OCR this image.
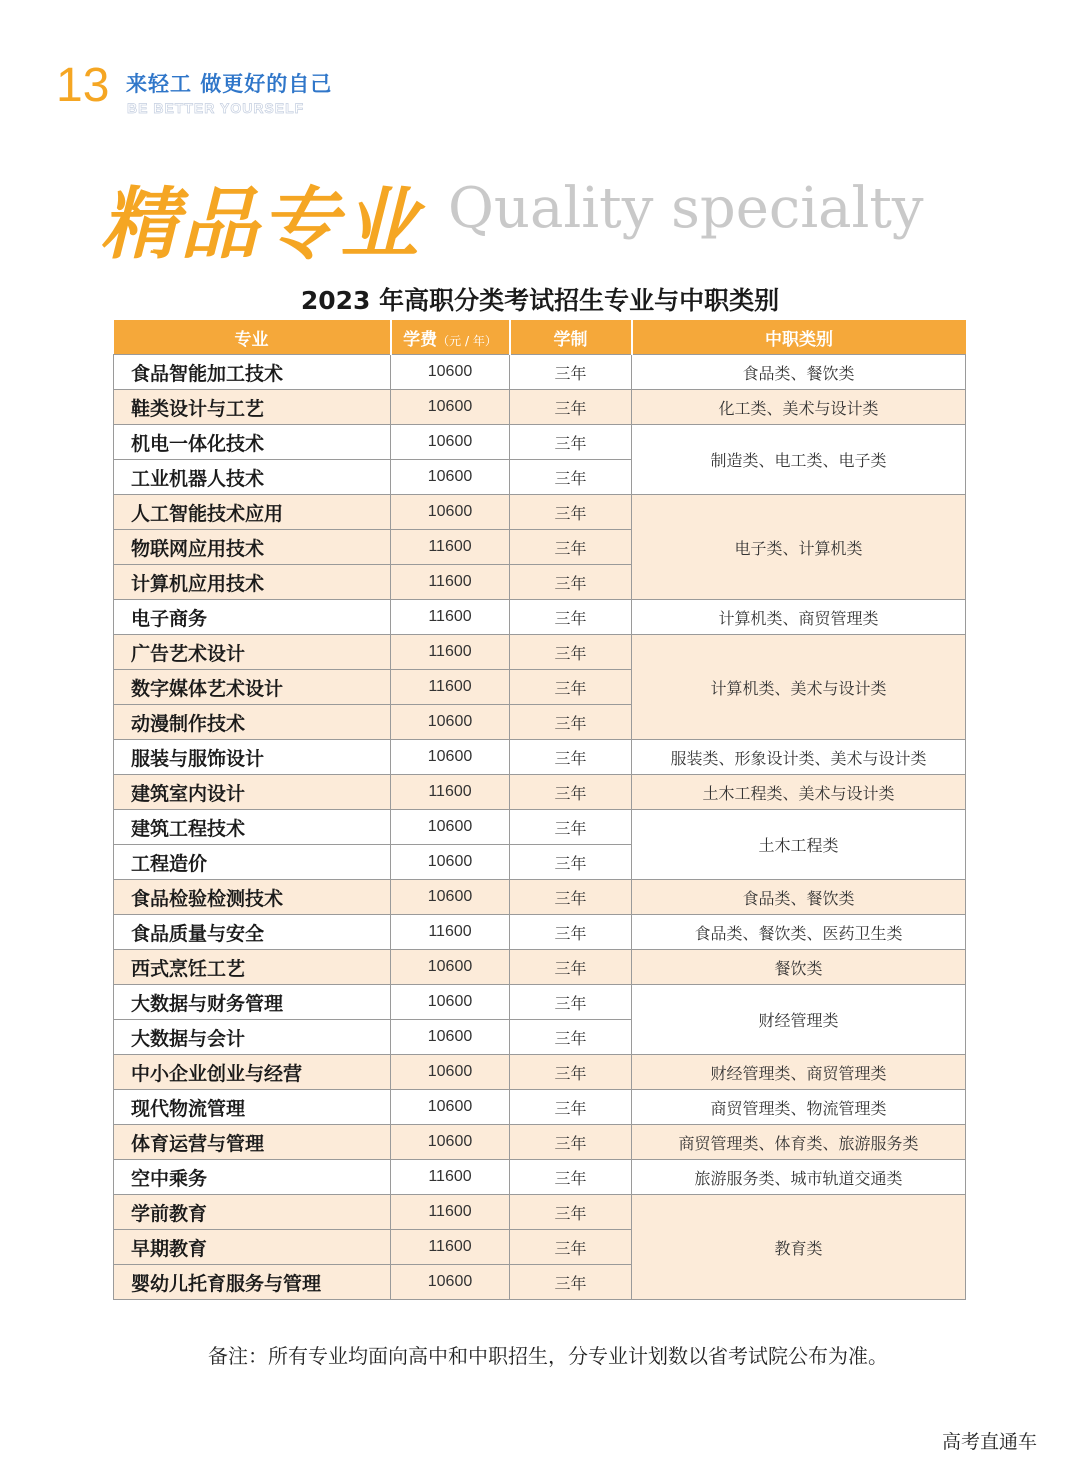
13 来轻工 做更好的自己
BE BETTER YOURSELF
精品专业 Quality specialty
2023 年高职分类考试招生专业与中职类别
专业	学费（元 / 年）	学制	中职类别
食品智能加工技术	10600	三年	食品类、餐饮类
鞋类设计与工艺	10600	三年	化工类、美术与设计类
机电一体化技术	10600	三年	制造类、电工类、电子类
工业机器人技术	10600	三年	
人工智能技术应用	10600	三年	电子类、计算机类
物联网应用技术	11600	三年	
计算机应用技术	11600	三年	
电子商务	11600	三年	计算机类、商贸管理类
广告艺术设计	11600	三年	计算机类、美术与设计类
数字媒体艺术设计	11600	三年	
动漫制作技术	10600	三年	
服装与服饰设计	10600	三年	服装类、形象设计类、美术与设计类
建筑室内设计	11600	三年	土木工程类、美术与设计类
建筑工程技术	10600	三年	土木工程类
工程造价	10600	三年	
食品检验检测技术	10600	三年	食品类、餐饮类
食品质量与安全	11600	三年	食品类、餐饮类、医药卫生类
西式烹饪工艺	10600	三年	餐饮类
大数据与财务管理	10600	三年	财经管理类
大数据与会计	10600	三年	
中小企业创业与经营	10600	三年	财经管理类、商贸管理类
现代物流管理	10600	三年	商贸管理类、物流管理类
体育运营与管理	10600	三年	商贸管理类、体育类、旅游服务类
空中乘务	11600	三年	旅游服务类、城市轨道交通类
学前教育	11600	三年	教育类
早期教育	11600	三年	
婴幼儿托育服务与管理	10600	三年	
备注：所有专业均面向高中和中职招生，分专业计划数以省考试院公布为准。
高考直通车
